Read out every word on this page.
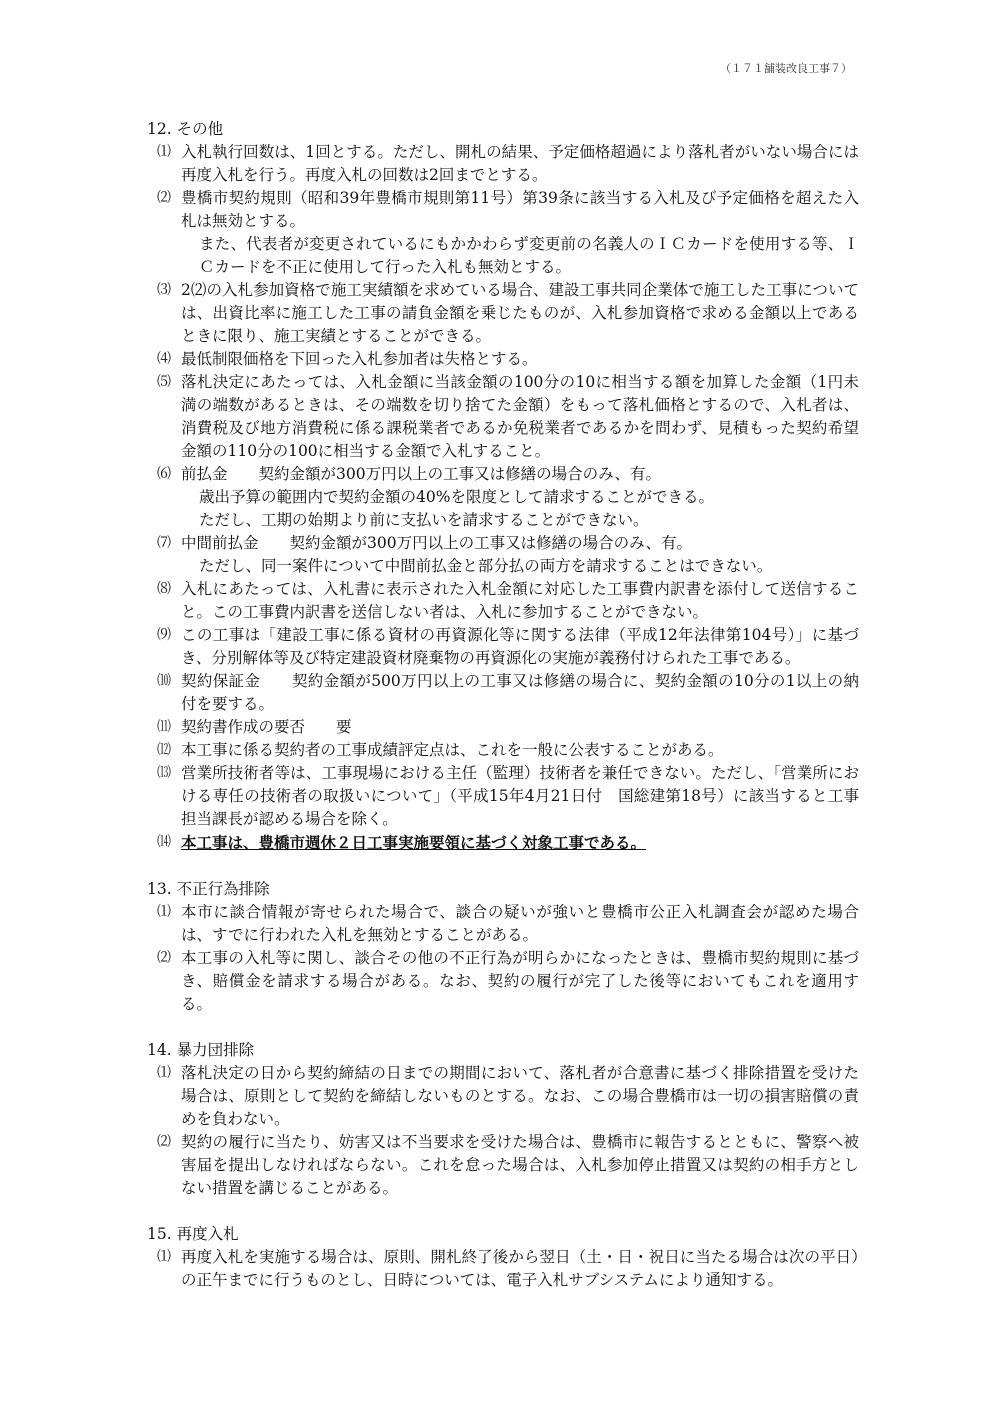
（１７１舗装改良工事７）
12. その他
⑴ 入札執行回数は、1回とする。ただし、開札の結果、予定価格超過により落札者がいない場合には再度入札を行う。再度入札の回数は2回までとする。
⑵ 豊橋市契約規則（昭和39年豊橋市規則第11号）第39条に該当する入札及び予定価格を超えた入札は無効とする。
また、代表者が変更されているにもかかわらず変更前の名義人のＩＣカードを使用する等、ＩＣカードを不正に使用して行った入札も無効とする。
⑶ 2⑵の入札参加資格で施工実績額を求めている場合、建設工事共同企業体で施工した工事については、出資比率に施工した工事の請負金額を乗じたものが、入札参加資格で求める金額以上であるときに限り、施工実績とすることができる。
⑷ 最低制限価格を下回った入札参加者は失格とする。
⑸ 落札決定にあたっては、入札金額に当該金額の100分の10に相当する額を加算した金額（1円未満の端数があるときは、その端数を切り捨てた金額）をもって落札価格とするので、入札者は、消費税及び地方消費税に係る課税業者であるか免税業者であるかを問わず、見積もった契約希望金額の110分の100に相当する金額で入札すること。
⑹ 前払金　　契約金額が300万円以上の工事又は修繕の場合のみ、有。
歳出予算の範囲内で契約金額の40%を限度として請求することができる。
ただし、工期の始期より前に支払いを請求することができない。
⑺ 中間前払金　　契約金額が300万円以上の工事又は修繕の場合のみ、有。
ただし、同一案件について中間前払金と部分払の両方を請求することはできない。
⑻ 入札にあたっては、入札書に表示された入札金額に対応した工事費内訳書を添付して送信すること。この工事費内訳書を送信しない者は、入札に参加することができない。
⑼ この工事は「建設工事に係る資材の再資源化等に関する法律（平成12年法律第104号）」に基づき、分別解体等及び特定建設資材廃棄物の再資源化の実施が義務付けられた工事である。
⑽ 契約保証金　　契約金額が500万円以上の工事又は修繕の場合に、契約金額の10分の1以上の納付を要する。
⑾ 契約書作成の要否　　要
⑿ 本工事に係る契約者の工事成績評定点は、これを一般に公表することがある。
⒀ 営業所技術者等は、工事現場における主任（監理）技術者を兼任できない。ただし、「営業所における専任の技術者の取扱いについて」（平成15年4月21日付　国総建第18号）に該当すると工事担当課長が認める場合を除く。
⒁ 本工事は、豊橋市週休２日工事実施要領に基づく対象工事である。
13. 不正行為排除
⑴ 本市に談合情報が寄せられた場合で、談合の疑いが強いと豊橋市公正入札調査会が認めた場合は、すでに行われた入札を無効とすることがある。
⑵ 本工事の入札等に関し、談合その他の不正行為が明らかになったときは、豊橋市契約規則に基づき、賠償金を請求する場合がある。なお、契約の履行が完了した後等においてもこれを適用する。
14. 暴力団排除
⑴ 落札決定の日から契約締結の日までの期間において、落札者が合意書に基づく排除措置を受けた場合は、原則として契約を締結しないものとする。なお、この場合豊橋市は一切の損害賠償の責めを負わない。
⑵ 契約の履行に当たり、妨害又は不当要求を受けた場合は、豊橋市に報告するとともに、警察へ被害届を提出しなければならない。これを怠った場合は、入札参加停止措置又は契約の相手方としない措置を講じることがある。
15. 再度入札
⑴ 再度入札を実施する場合は、原則、開札終了後から翌日（土・日・祝日に当たる場合は次の平日）の正午までに行うものとし、日時については、電子入札サブシステムにより通知する。
